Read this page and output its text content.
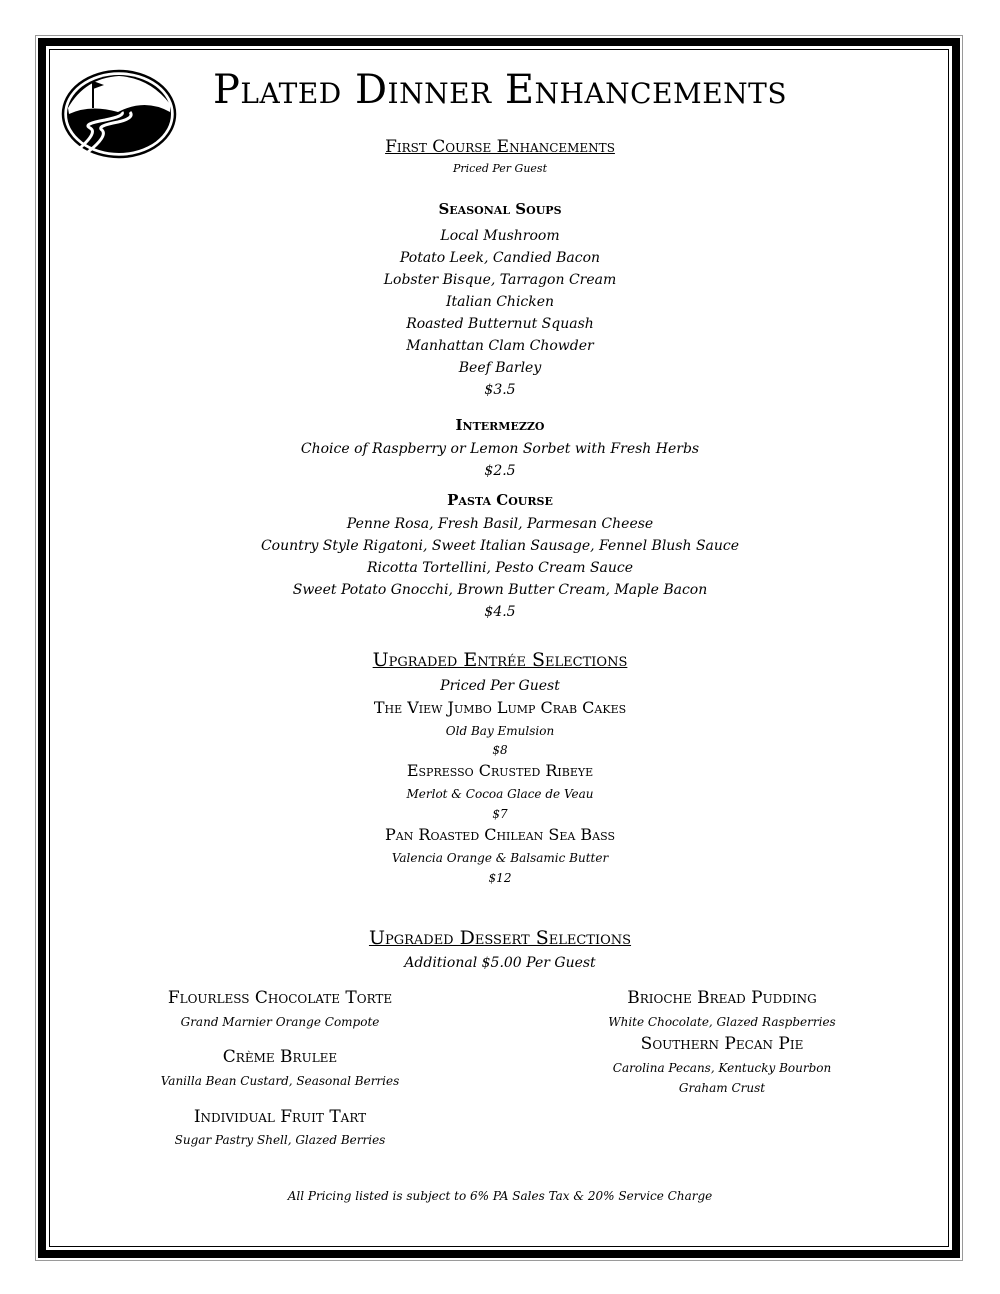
Plated Dinner Enhancements
First Course Enhancements
Priced Per Guest
Seasonal Soups
Local Mushroom
Potato Leek, Candied Bacon
Lobster Bisque, Tarragon Cream
Italian Chicken
Roasted Butternut Squash
Manhattan Clam Chowder
Beef Barley
$3.5
Intermezzo
Choice of Raspberry or Lemon Sorbet with Fresh Herbs
$2.5
Pasta Course
Penne Rosa, Fresh Basil, Parmesan Cheese
Country Style Rigatoni, Sweet Italian Sausage, Fennel Blush Sauce
Ricotta Tortellini, Pesto Cream Sauce
Sweet Potato Gnocchi, Brown Butter Cream, Maple Bacon
$4.5
Upgraded Entrée Selections
Priced Per Guest
The View Jumbo Lump Crab Cakes
Old Bay Emulsion
$8
Espresso Crusted Ribeye
Merlot & Cocoa Glace de Veau
$7
Pan Roasted Chilean Sea Bass
Valencia Orange & Balsamic Butter
$12
Upgraded Dessert Selections
Additional $5.00 Per Guest
Flourless Chocolate Torte
Grand Marnier Orange Compote
Crème Brulee
Vanilla Bean Custard, Seasonal Berries
Individual Fruit Tart
Sugar Pastry Shell, Glazed Berries
Brioche Bread Pudding
White Chocolate, Glazed Raspberries
Southern Pecan Pie
Carolina Pecans, Kentucky Bourbon
Graham Crust
All Pricing listed is subject to 6% PA Sales Tax & 20% Service Charge
